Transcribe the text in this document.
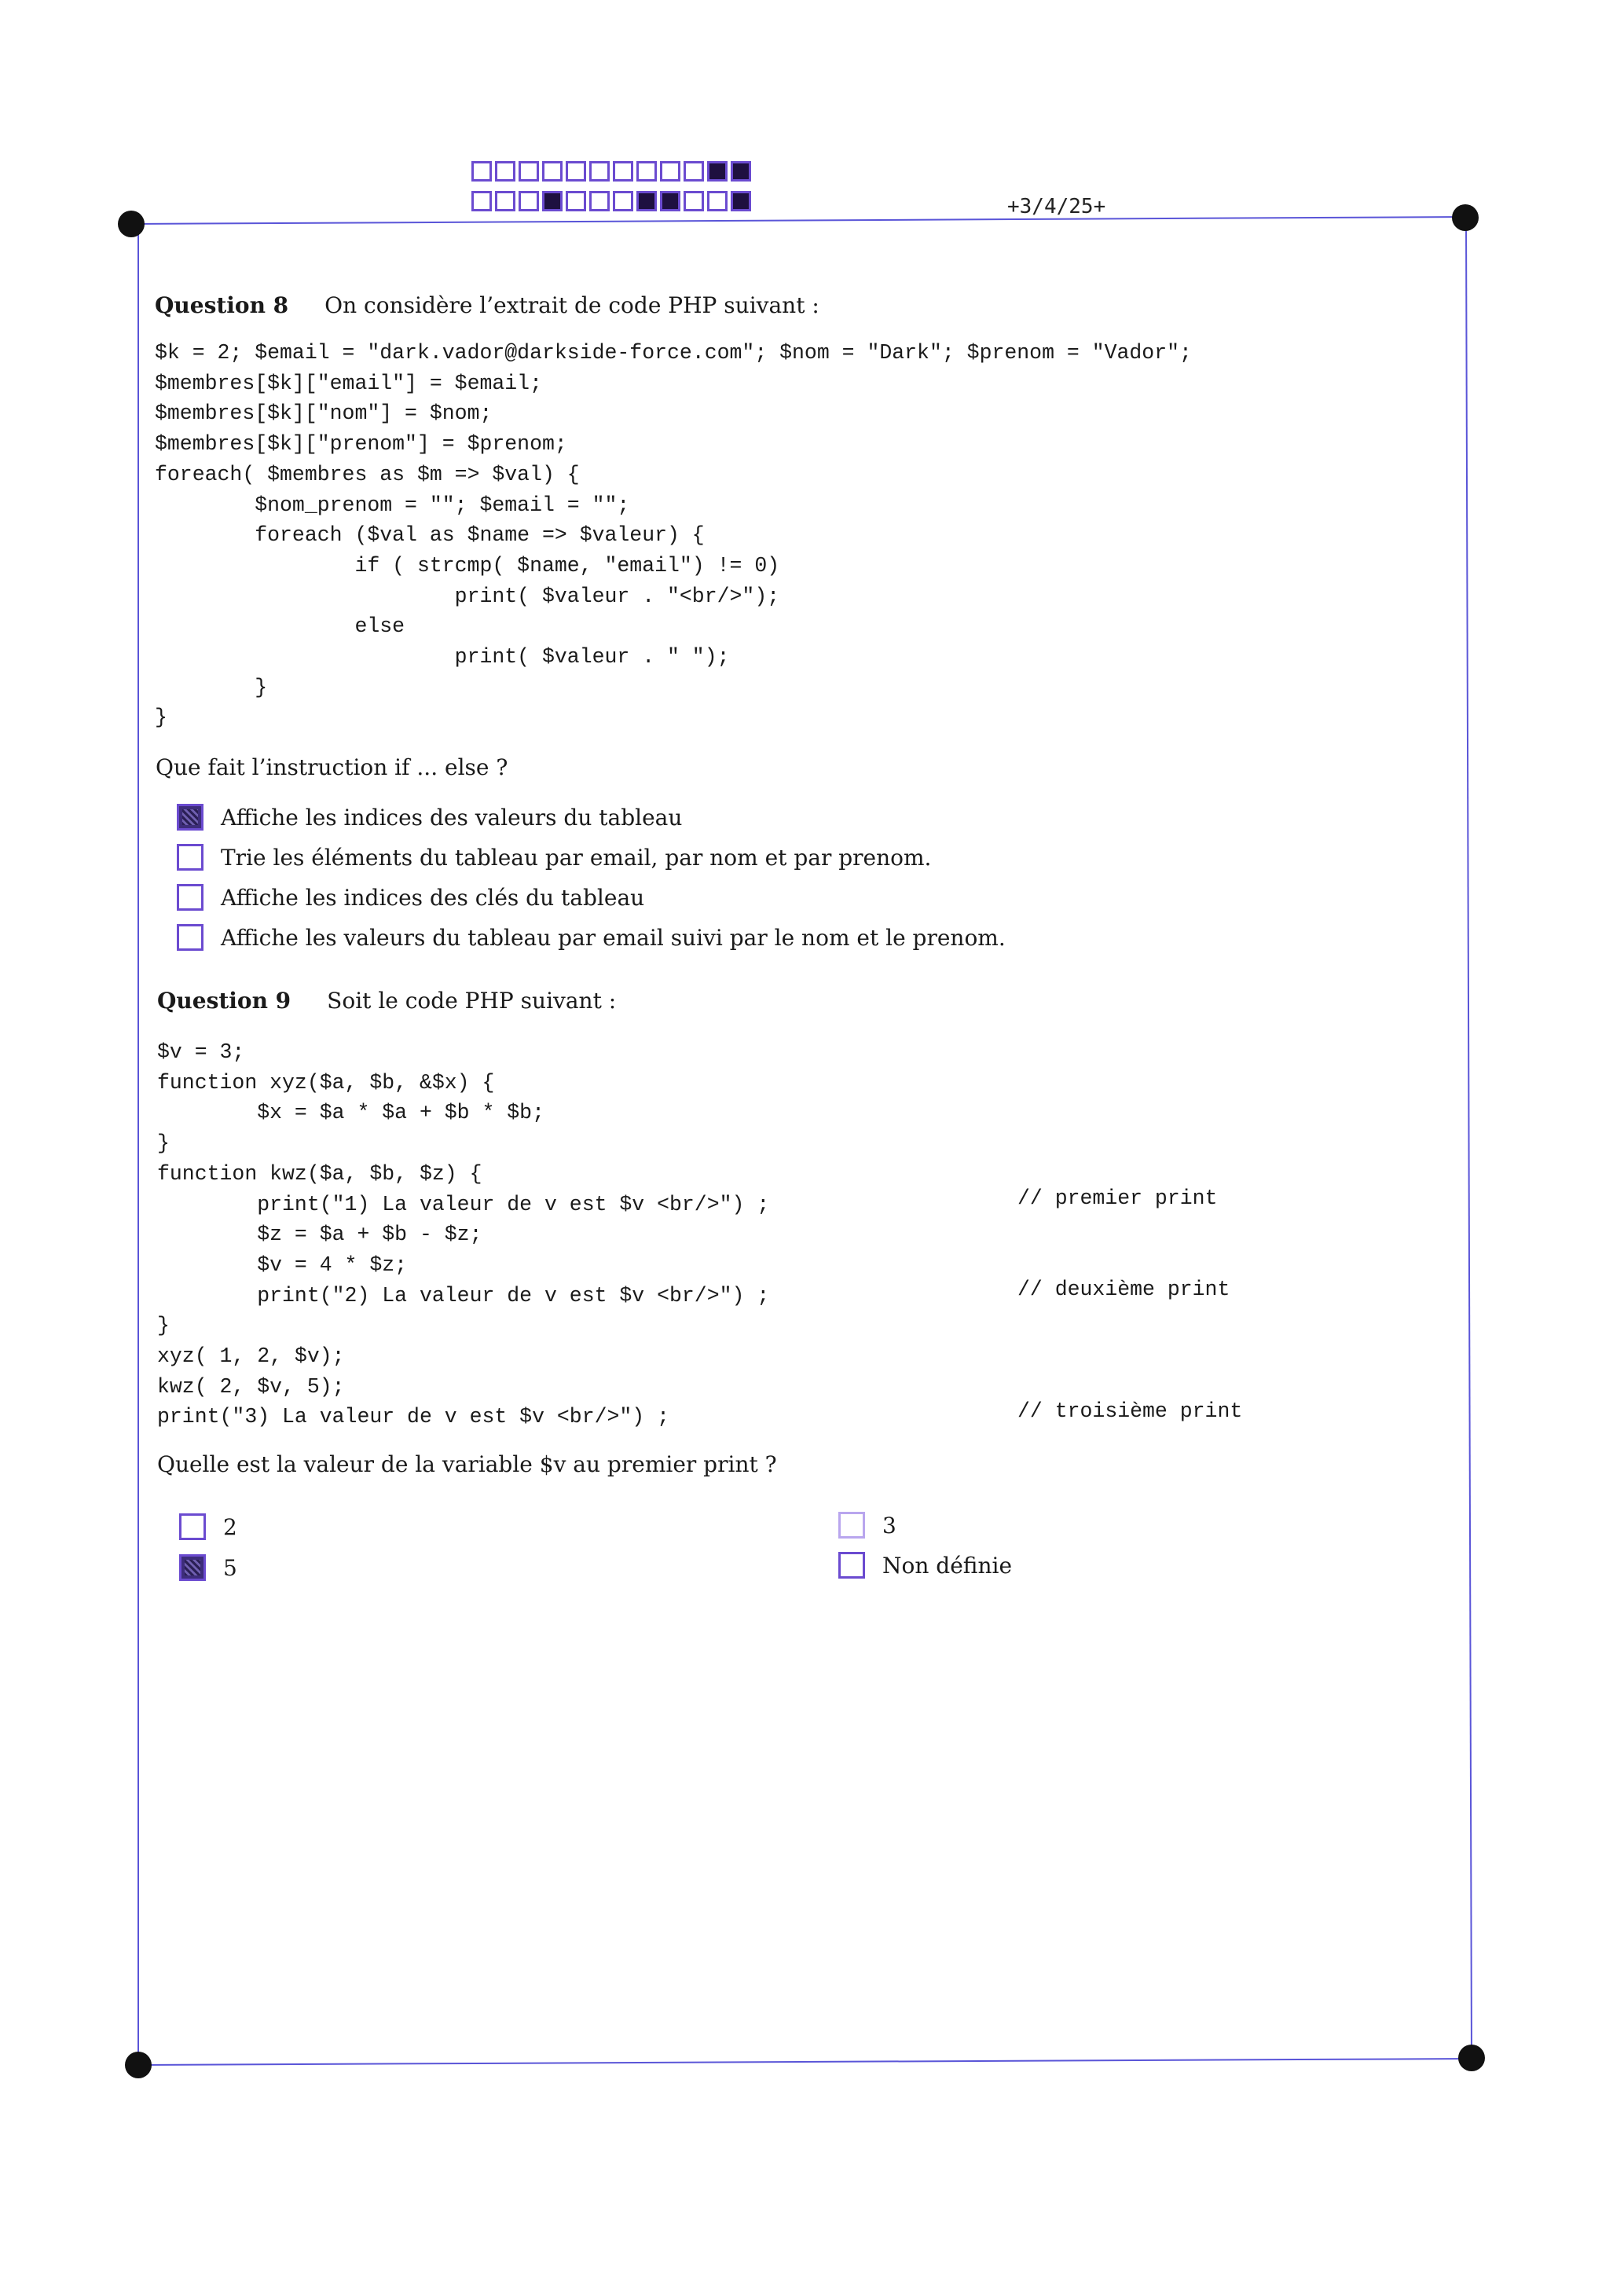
+3/4/25+
Question 8 On considère l’extrait de code PHP suivant :
$k = 2; $email = "dark.vador@darkside-force.com"; $nom = "Dark"; $prenom = "Vador";
$membres[$k]["email"] = $email;
$membres[$k]["nom"] = $nom;
$membres[$k]["prenom"] = $prenom;
foreach( $membres as $m => $val) {
$nom_prenom = ""; $email = "";
foreach ($val as $name => $valeur) {
if ( strcmp( $name, "email") != 0)
print( $valeur . "<br/>");
else
print( $valeur . " ");
}
}
Que fait l’instruction if ... else ?
Affiche les indices des valeurs du tableau
Trie les éléments du tableau par email, par nom et par prenom.
Affiche les indices des clés du tableau
Affiche les valeurs du tableau par email suivi par le nom et le prenom.
Question 9 Soit le code PHP suivant :
$v = 3;
function xyz($a, $b, &$x) {
$x = $a * $a + $b * $b;
}
function kwz($a, $b, $z) {
print("1) La valeur de v est $v <br/>") ;
$z = $a + $b - $z;
$v = 4 * $z;
print("2) La valeur de v est $v <br/>") ;
}
xyz( 1, 2, $v);
kwz( 2, $v, 5);
print("3) La valeur de v est $v <br/>") ;
// premier print
// deuxième print
// troisième print
Quelle est la valeur de la variable $v au premier print ?
2
5
3
Non définie
